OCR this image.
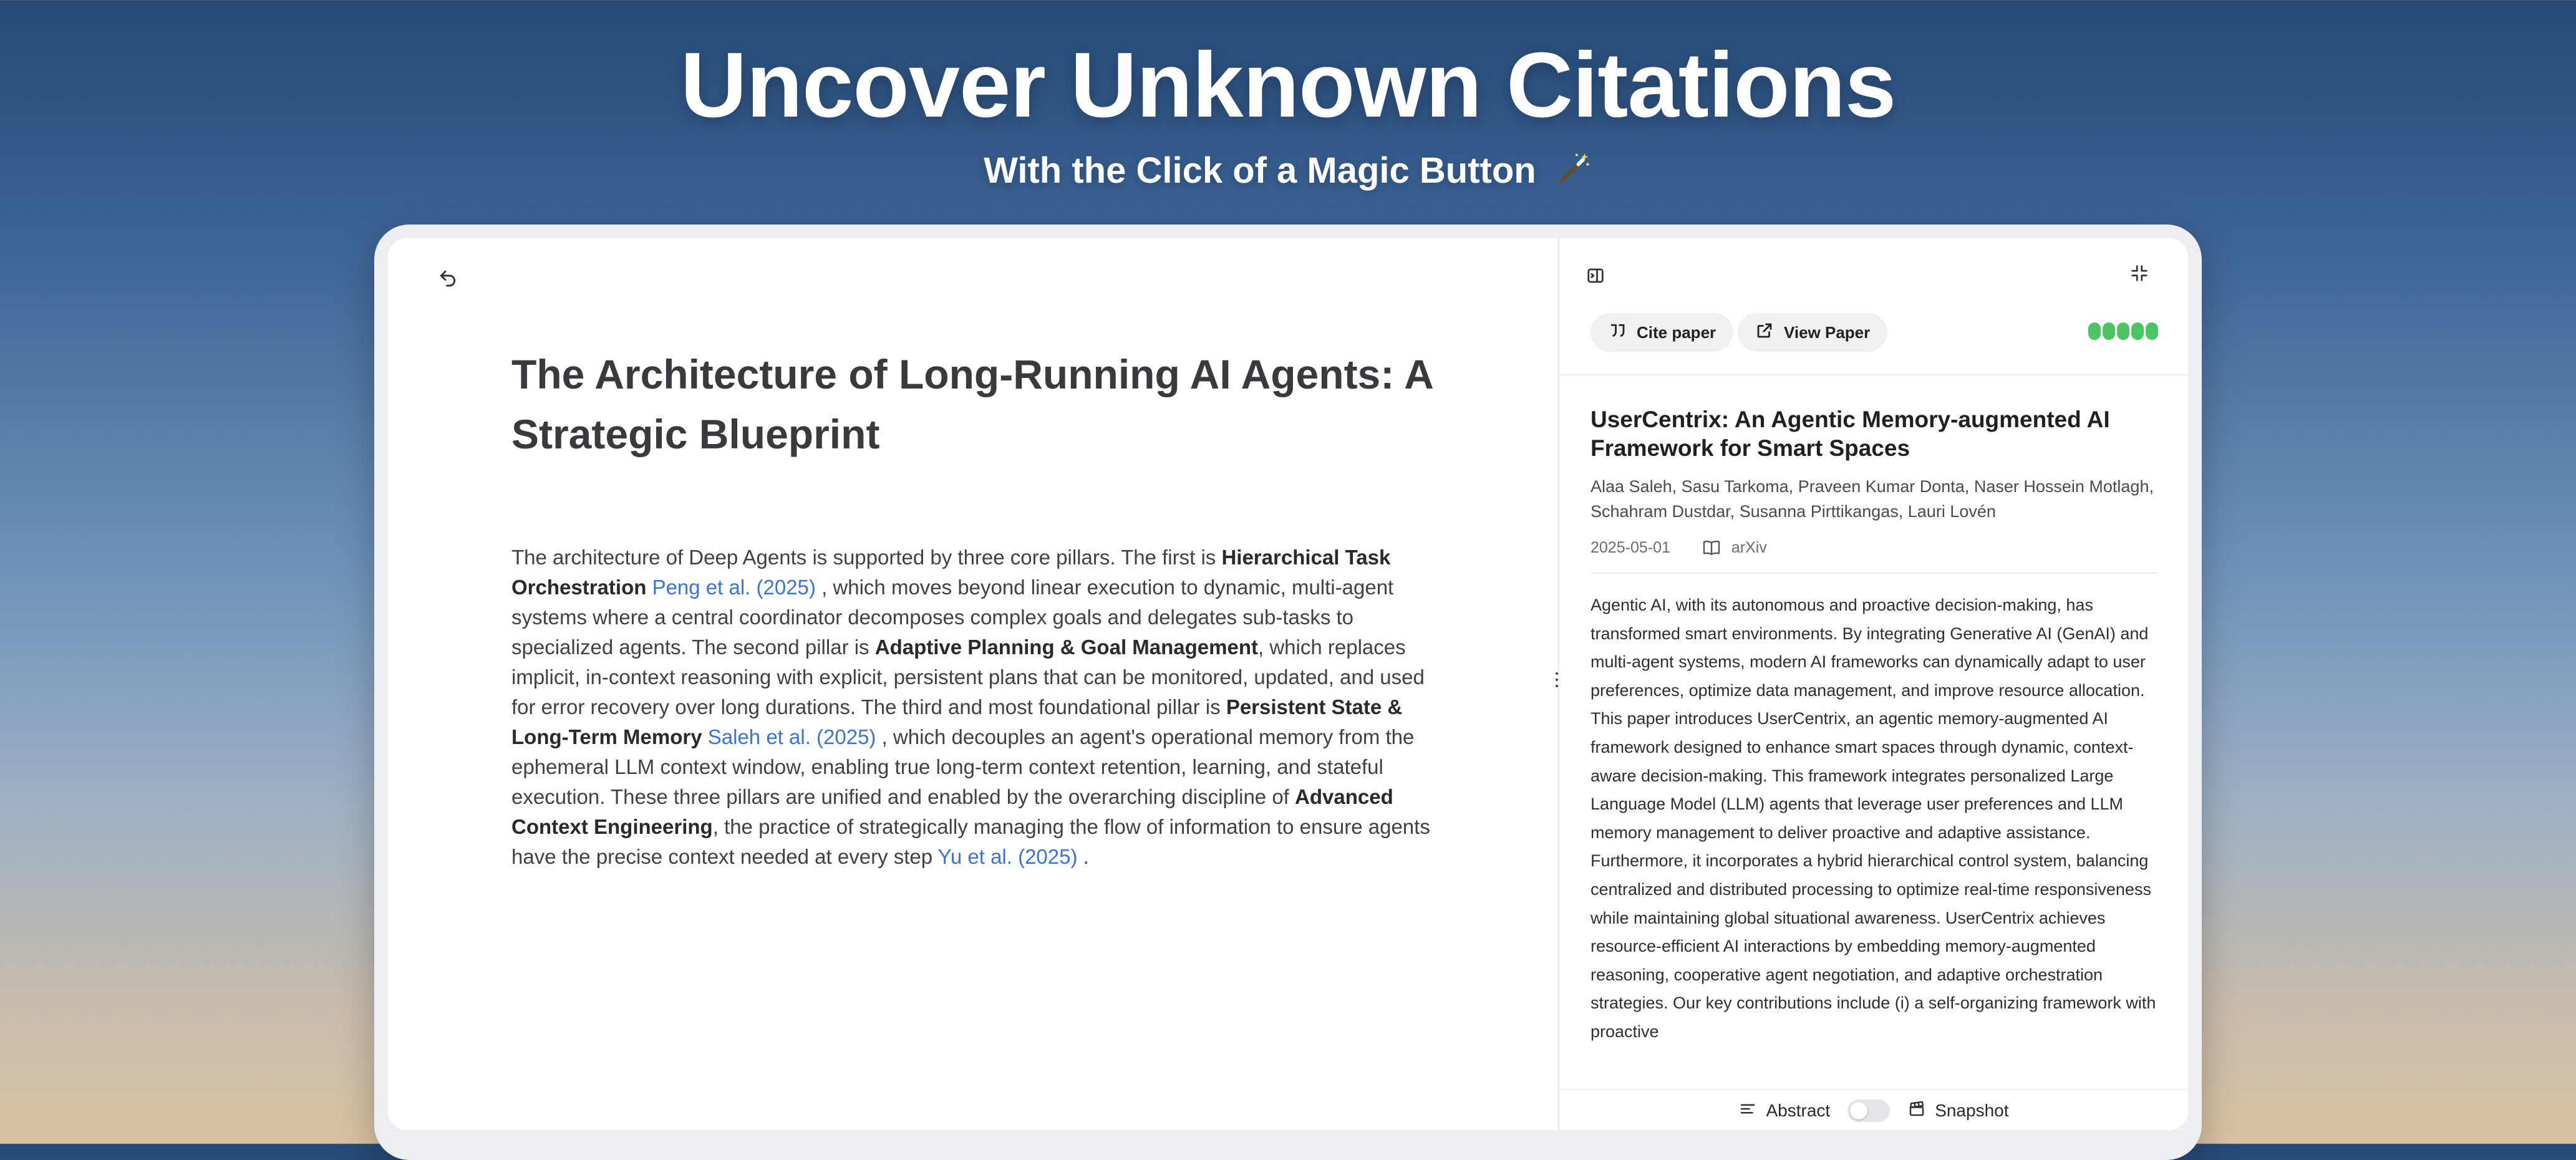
Uncover Unknown Citations
With the Click of a Magic Button
The Architecture of Long-Running AI Agents: A Strategic Blueprint
The architecture of Deep Agents is supported by three core pillars. The first is Hierarchical Task Orchestration Peng et al. (2025) , which moves beyond linear execution to dynamic, multi-agent systems where a central coordinator decomposes complex goals and delegates sub-tasks to specialized agents. The second pillar is Adaptive Planning & Goal Management, which replaces implicit, in-context reasoning with explicit, persistent plans that can be monitored, updated, and used for error recovery over long durations. The third and most foundational pillar is Persistent State & Long-Term Memory Saleh et al. (2025) , which decouples an agent's operational memory from the ephemeral LLM context window, enabling true long-term context retention, learning, and stateful execution. These three pillars are unified and enabled by the overarching discipline of Advanced Context Engineering, the practice of strategically managing the flow of information to ensure agents have the precise context needed at every step Yu et al. (2025) .
Cite paper	View Paper
UserCentrix: An Agentic Memory-augmented AI Framework for Smart Spaces
Alaa Saleh, Sasu Tarkoma, Praveen Kumar Donta, Naser Hossein Motlagh, Schahram Dustdar, Susanna Pirttikangas, Lauri Lovén
2025-05-01	arXiv
Agentic AI, with its autonomous and proactive decision-making, has transformed smart environments. By integrating Generative AI (GenAI) and multi-agent systems, modern AI frameworks can dynamically adapt to user preferences, optimize data management, and improve resource allocation. This paper introduces UserCentrix, an agentic memory-augmented AI framework designed to enhance smart spaces through dynamic, context-aware decision-making. This framework integrates personalized Large Language Model (LLM) agents that leverage user preferences and LLM memory management to deliver proactive and adaptive assistance. Furthermore, it incorporates a hybrid hierarchical control system, balancing centralized and distributed processing to optimize real-time responsiveness while maintaining global situational awareness. UserCentrix achieves resource-efficient AI interactions by embedding memory-augmented reasoning, cooperative agent negotiation, and adaptive orchestration strategies. Our key contributions include (i) a self-organizing framework with proactive
Abstract	Snapshot
